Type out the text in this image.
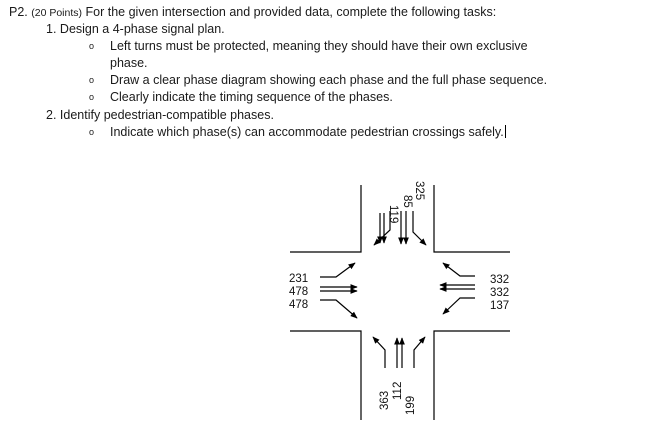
P2. (20 Points) For the given intersection and provided data, complete the following tasks:
1. Design a 4-phase signal plan.
o Left turns must be protected, meaning they should have their own exclusive
phase.
o Draw a clear phase diagram showing each phase and the full phase sequence.
o Clearly indicate the timing sequence of the phases.
2. Identify pedestrian-compatible phases.
o Indicate which phase(s) can accommodate pedestrian crossings safely.
119
85
325
231
478
478
332
332
137
363 112
199
